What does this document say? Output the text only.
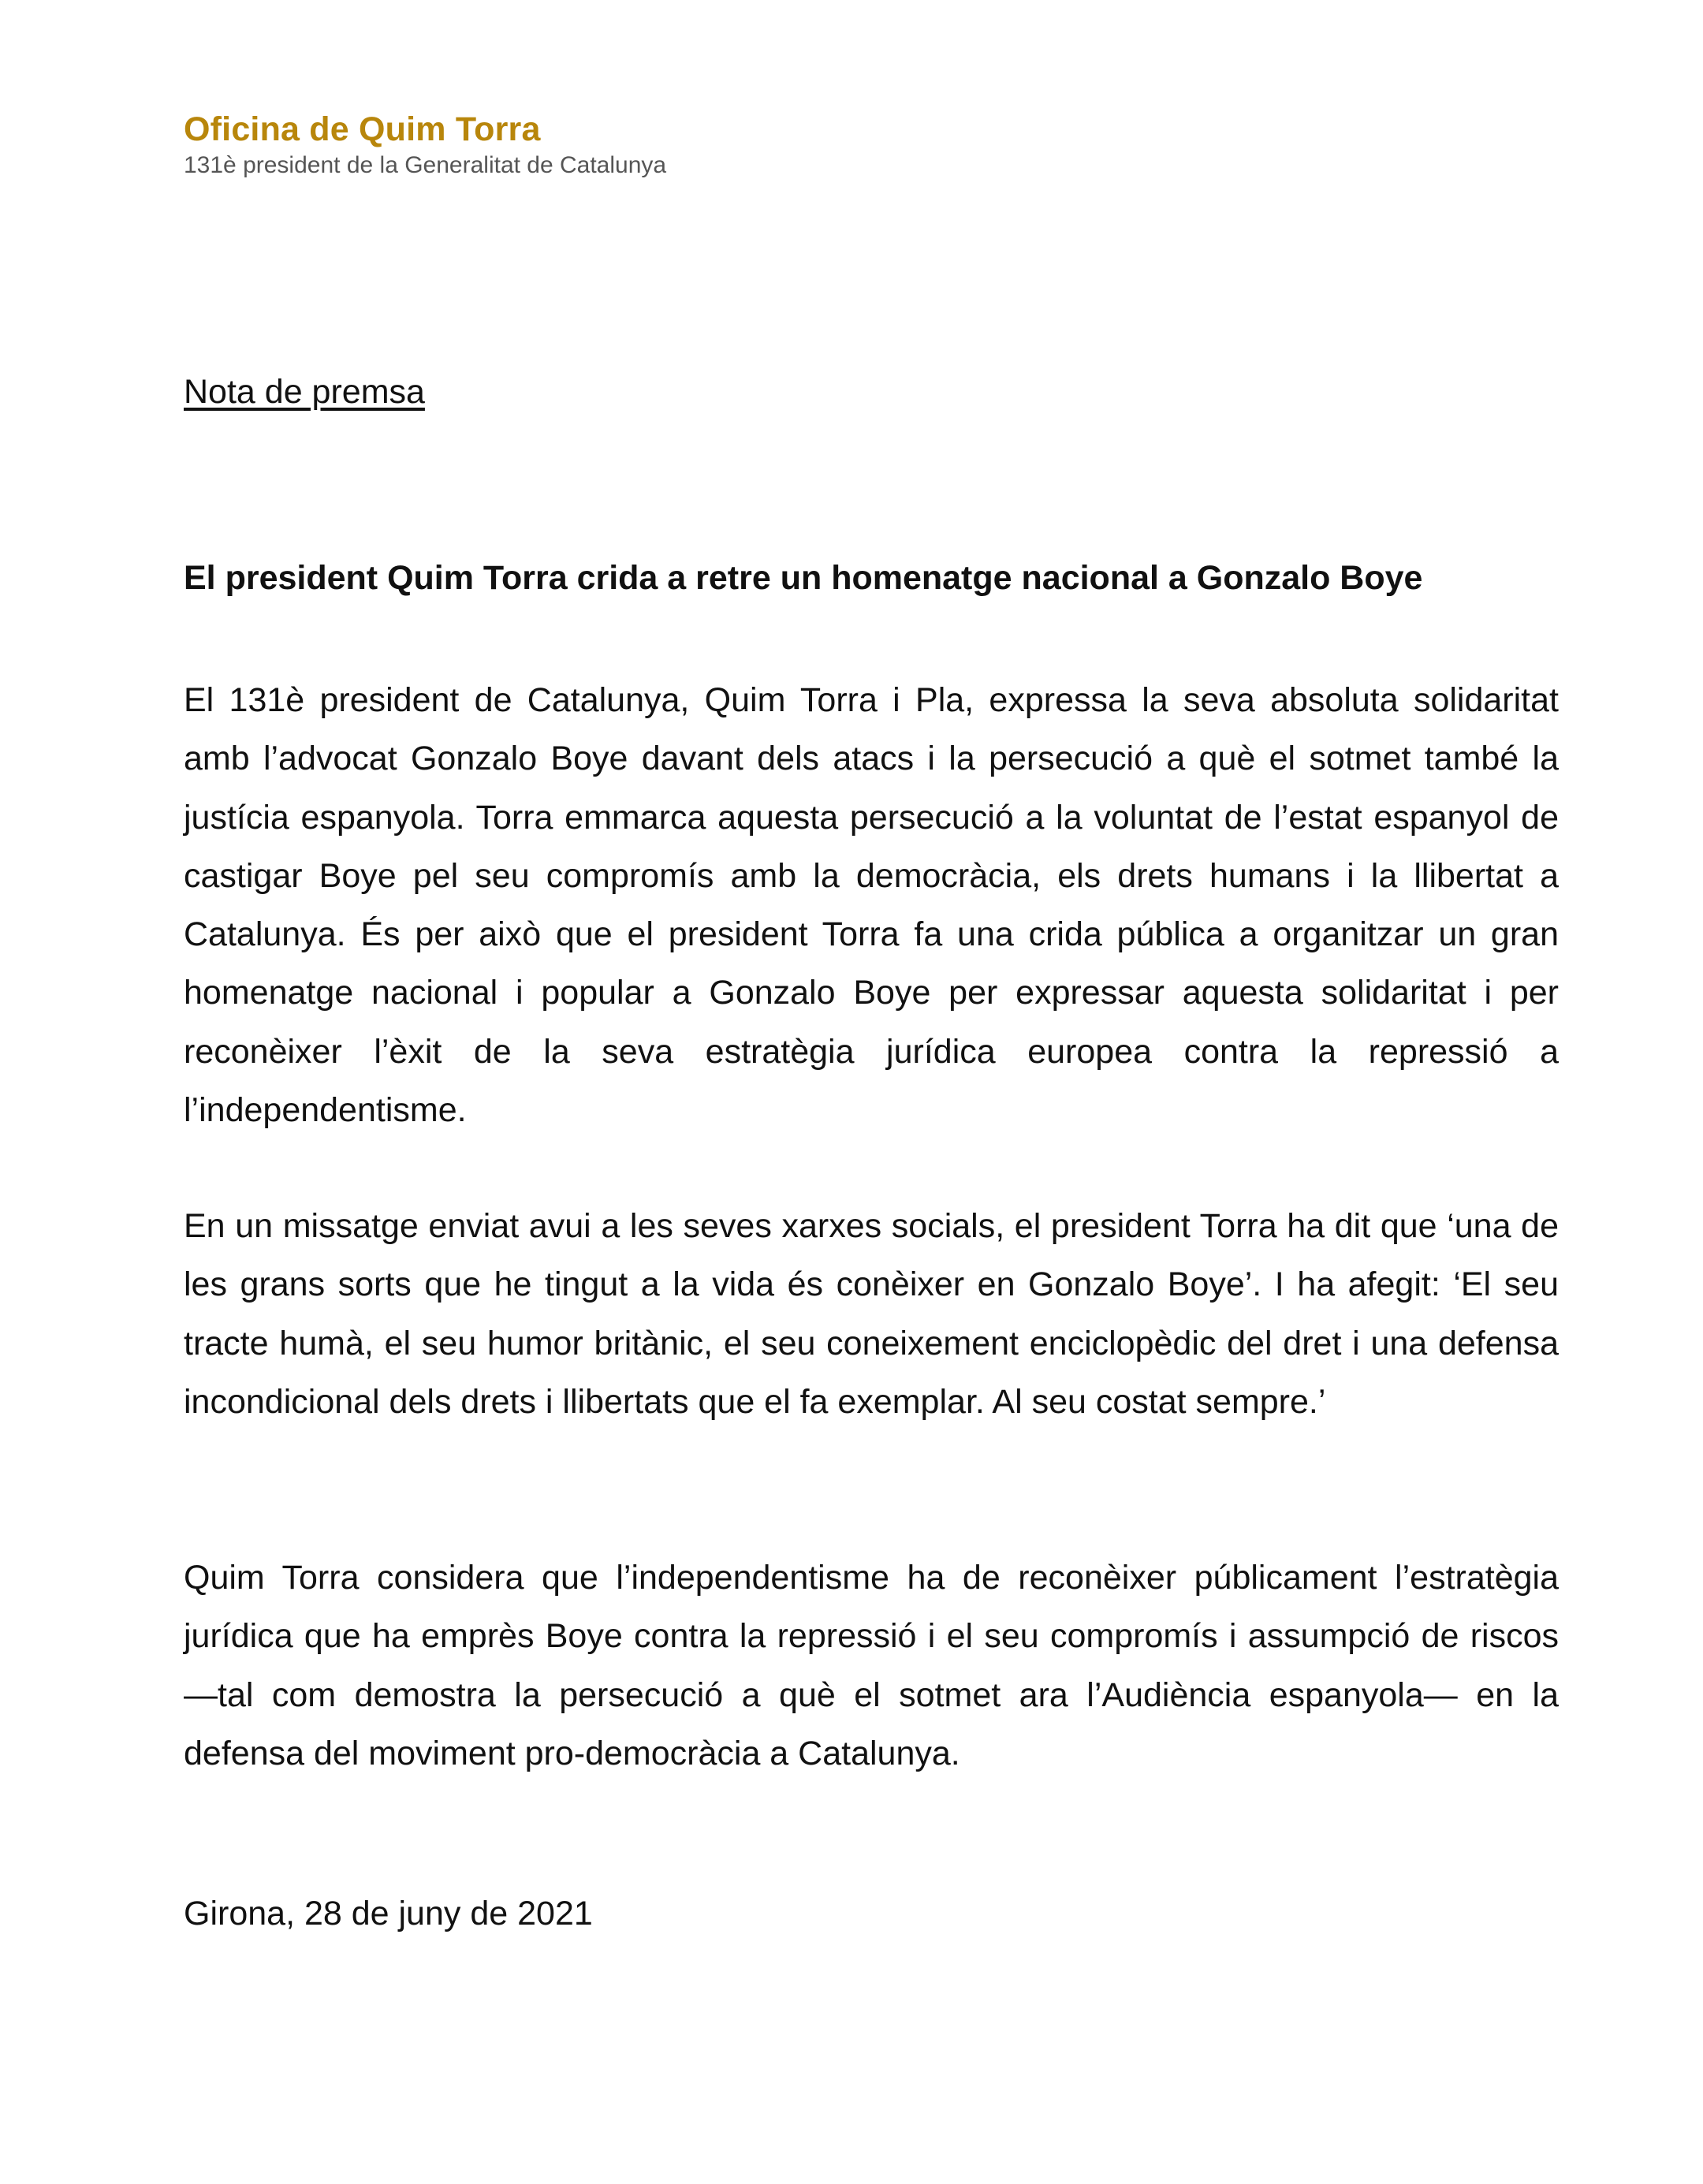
Oficina de Quim Torra

131è president de la Generalitat de Catalunya

Nota de premsa

El president Quim Torra crida a retre un homenatge nacional a Gonzalo Boye

El 131è president de Catalunya, Quim Torra i Pla, expressa la seva absoluta solidaritat amb l’advocat Gonzalo Boye davant dels atacs i la persecució a què el sotmet també la justícia espanyola. Torra emmarca aquesta persecució a la voluntat de l’estat espanyol de castigar Boye pel seu compromís amb la democràcia, els drets humans i la llibertat a Catalunya. És per això que el president Torra fa una crida pública a organitzar un gran homenatge nacional i popular a Gonzalo Boye per expressar aquesta solidaritat i per reconèixer l’èxit de la seva estratègia jurídica europea contra la repressió a l’independentisme.

En un missatge enviat avui a les seves xarxes socials, el president Torra ha dit que ‘una de les grans sorts que he tingut a la vida és conèixer en Gonzalo Boye’. I ha afegit: ‘El seu tracte humà, el seu humor britànic, el seu coneixement enciclopèdic del dret i una defensa incondicional dels drets i llibertats que el fa exemplar. Al seu costat sempre.’

Quim Torra considera que l’independentisme ha de reconèixer públicament l’estratègia jurídica que ha emprès Boye contra la repressió i el seu compromís i assumpció de riscos —tal com demostra la persecució a què el sotmet ara l’Audiència espanyola— en la defensa del moviment pro-democràcia a Catalunya.

Girona, 28 de juny de 2021
